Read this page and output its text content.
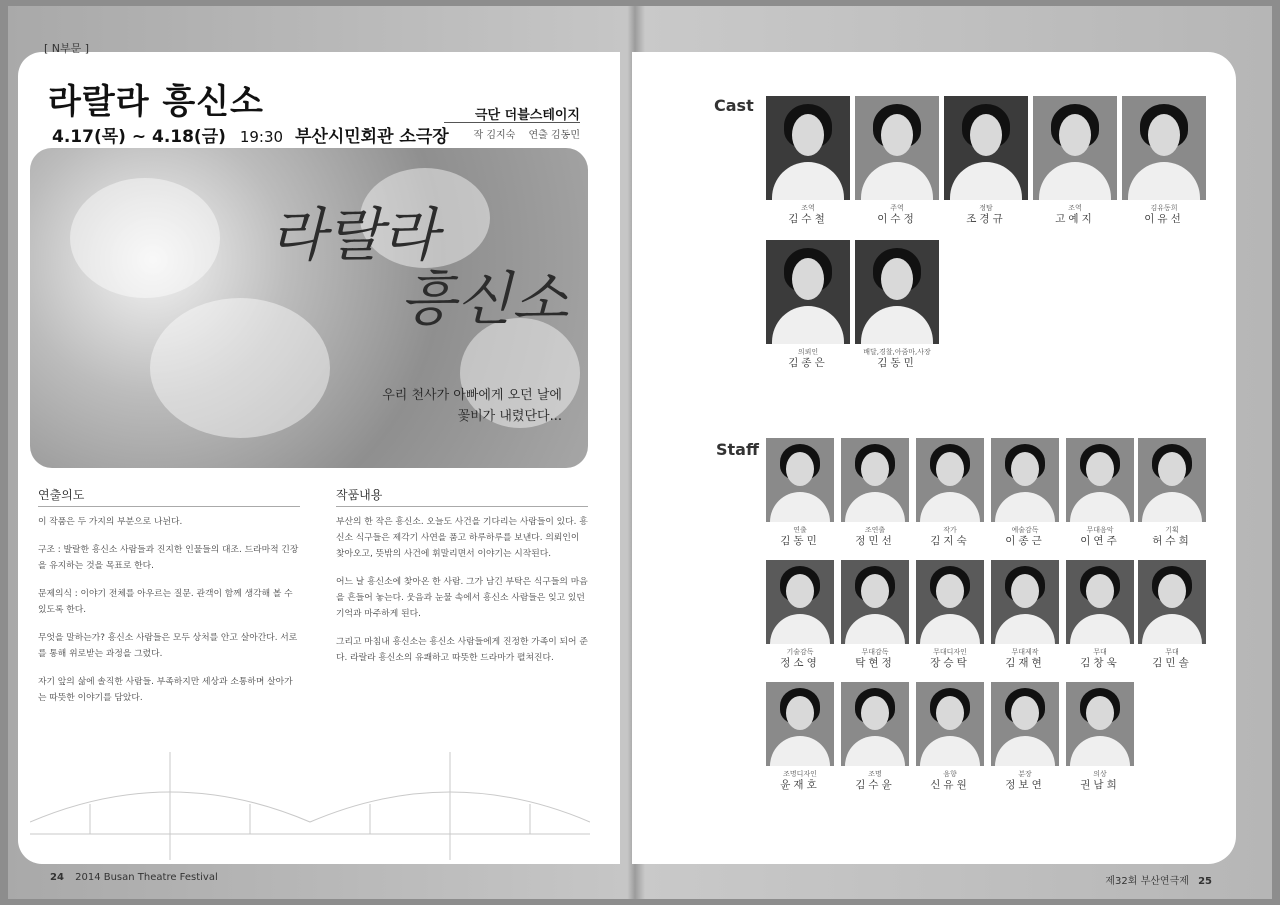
[ N부문 ]
라랄라 흥신소
4.17(목) ~ 4.18(금) 19:30 부산시민회관 소극장
극단 더블스테이지
작 김지숙 연출 김동민
라랄라
흥신소
우리 천사가 아빠에게 오던 날에
꽃비가 내렸단다...
연출의도

이 작품은 두 가지의 부분으로 나뉜다.

구조 : 발랄한 흥신소 사람들과 진지한 인물들의 대조. 드라마적 긴장을 유지하는 것을 목표로 한다.

문제의식 : 이야기 전체를 아우르는 질문. 관객이 함께 생각해 볼 수 있도록 한다.

무엇을 말하는가? 흥신소 사람들은 모두 상처를 안고 살아간다. 서로를 통해 위로받는 과정을 그렸다.

자기 앞의 삶에 솔직한 사람들. 부족하지만 세상과 소통하며 살아가는 따뜻한 이야기를 담았다.

작품내용

부산의 한 작은 흥신소. 오늘도 사건을 기다리는 사람들이 있다. 흥신소 식구들은 제각기 사연을 품고 하루하루를 보낸다. 의뢰인이 찾아오고, 뜻밖의 사건에 휘말리면서 이야기는 시작된다.

어느 날 흥신소에 찾아온 한 사람. 그가 남긴 부탁은 식구들의 마음을 흔들어 놓는다. 웃음과 눈물 속에서 흥신소 사람들은 잊고 있던 기억과 마주하게 된다.

그리고 마침내 흥신소는 흥신소 사람들에게 진정한 가족이 되어 준다. 라랄라 흥신소의 유쾌하고 따뜻한 드라마가 펼쳐진다.

24 2014 Busan Theatre Festival
Cast
조역
김수철
주역
이수정
정탐
조경규
조역
고예지
김유동희
이유선
의뢰인
김종은
배달,경찰,아줌마,사장
김동민
Staff
연출
김동민
조연출
정민선
작가
김지숙
예술감독
이종근
무대음악
이연주
기획
허수희
기술감독
정소영
무대감독
탁현정
무대디자인
장승탁
무대제작
김재현
무대
김창욱
무대
김민솔
조명디자인
윤재호
조명
김수윤
음향
신유원
분장
정보연
의상
권남희
제32회 부산연극제 25
